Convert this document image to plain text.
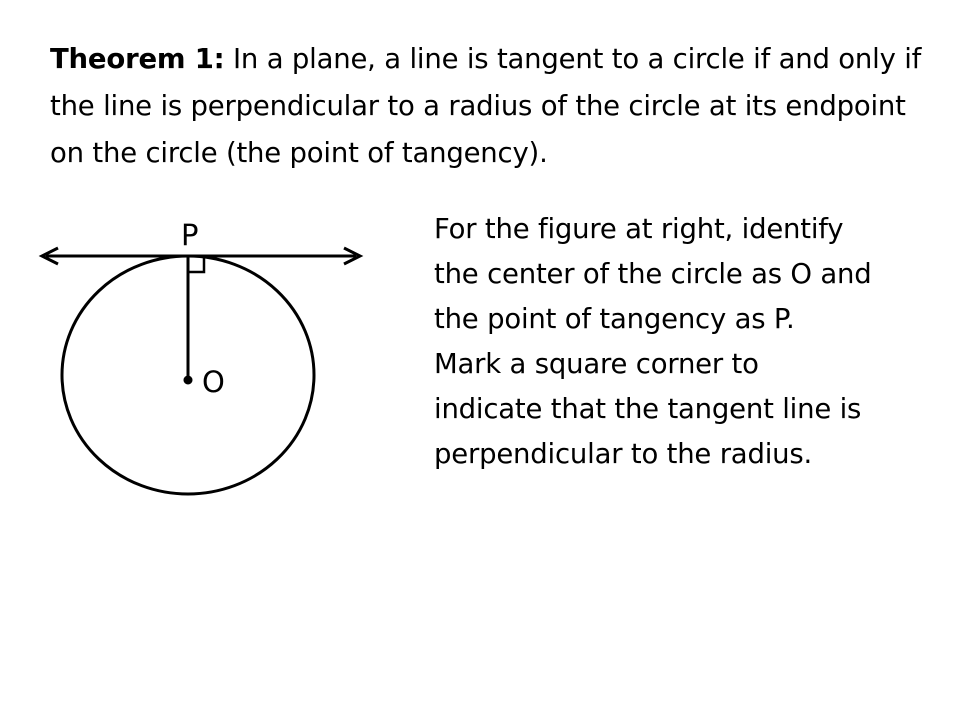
Theorem 1: In a plane, a line is tangent to a circle if and only if the line is perpendicular to a radius of the circle at its endpoint on the circle (the point of tangency).
P
O
For the figure at right, identify
the center of the circle as O and
the point of tangency as P.
Mark a square corner to
indicate that the tangent line is
perpendicular to the radius.
